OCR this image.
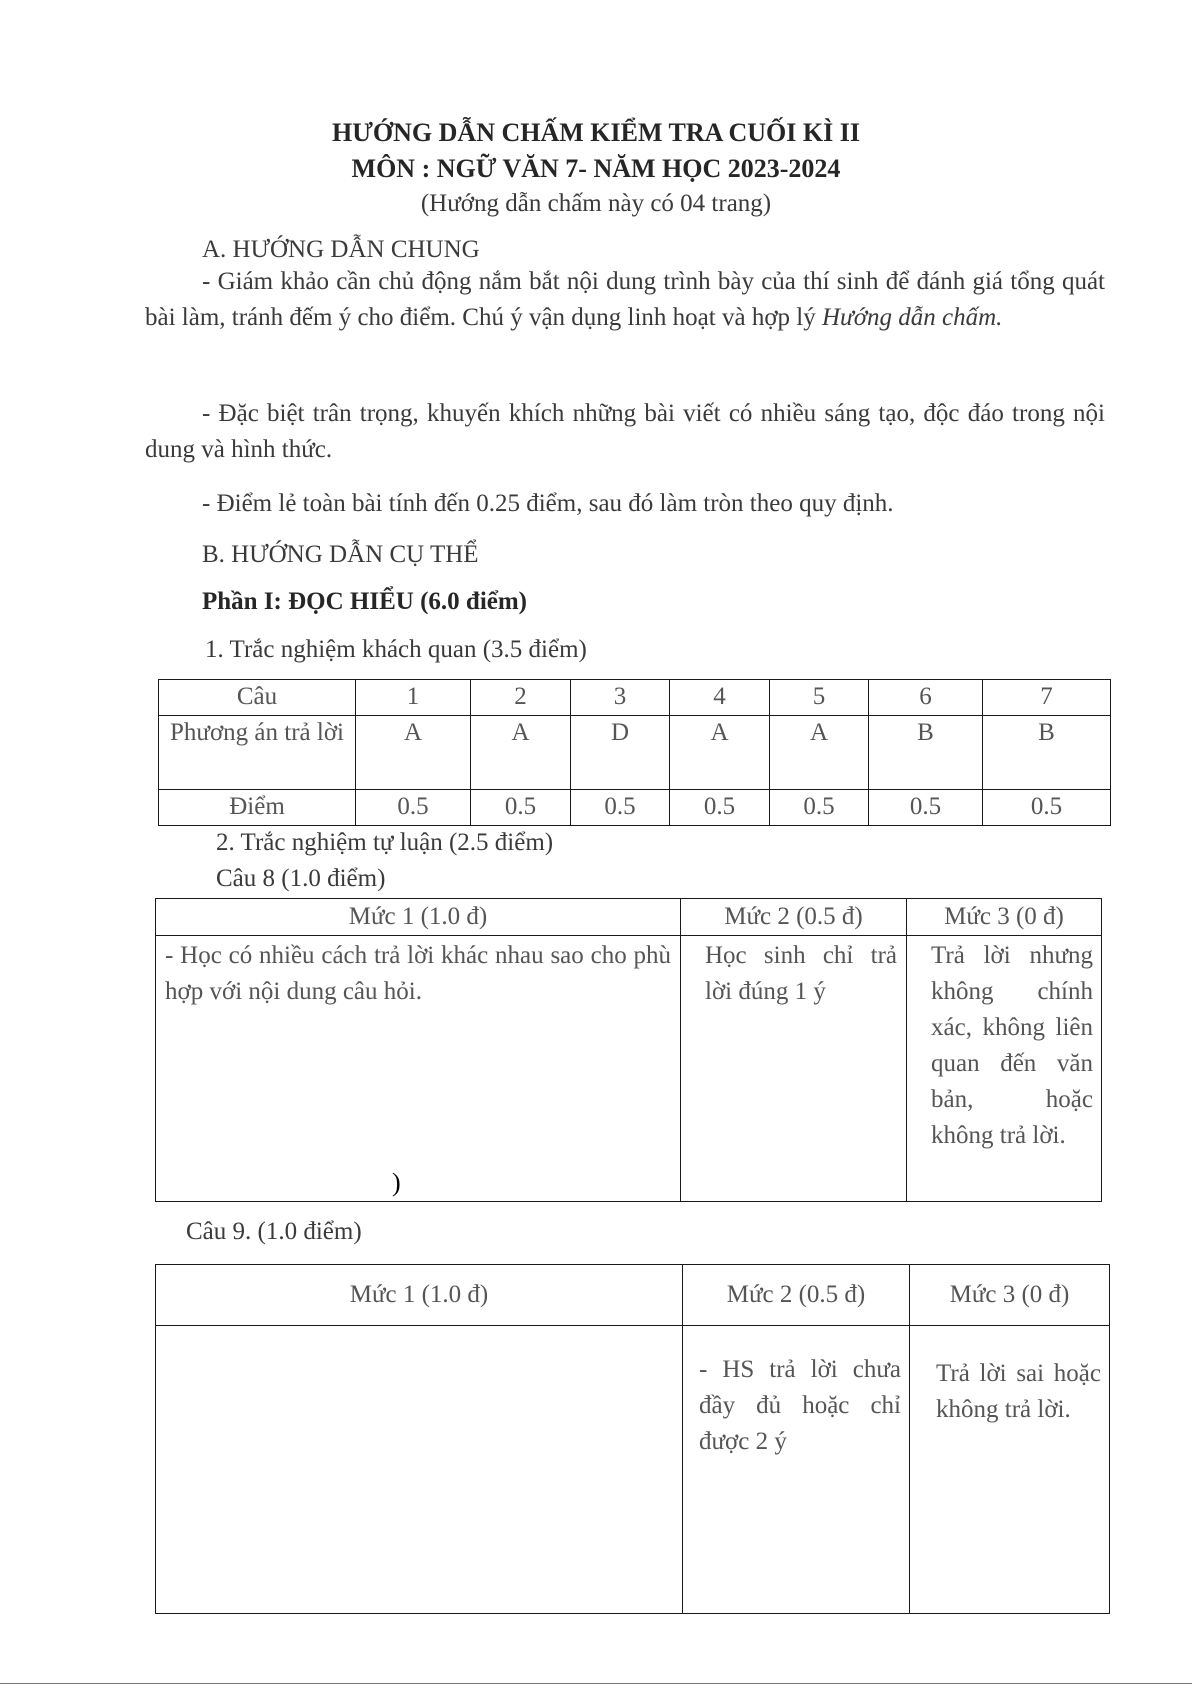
HƯỚNG DẪN CHẤM KIỂM TRA CUỐI KÌ II
MÔN : NGỮ VĂN 7- NĂM HỌC 2023-2024
(Hướng dẫn chấm này có 04 trang)
A. HƯỚNG DẪN CHUNG
- Giám khảo cần chủ động nắm bắt nội dung trình bày của thí sinh để đánh giá tổng quát bài làm, tránh đếm ý cho điểm. Chú ý vận dụng linh hoạt và hợp lý Hướng dẫn chấm.
- Đặc biệt trân trọng, khuyến khích những bài viết có nhiều sáng tạo, độc đáo trong nội dung và hình thức.
- Điểm lẻ toàn bài tính đến 0.25 điểm, sau đó làm tròn theo quy định.
B. HƯỚNG DẪN CỤ THỂ
Phần I: ĐỌC HIỂU (6.0 điểm)
1. Trắc nghiệm khách quan (3.5 điểm)
Câu	1	2	3	4	5	6	7
Phương án trả lời	A	A	D	A	A	B	B
Điểm	0.5	0.5	0.5	0.5	0.5	0.5	0.5
2. Trắc nghiệm tự luận (2.5 điểm)
Câu 8 (1.0 điểm)
Mức 1 (1.0 đ)	Mức 2 (0.5 đ)	Mức 3 (0 đ)

- Học có nhiều cách trả lời khác nhau sao cho phù hợp với nội dung câu hỏi.	Học sinh chỉ trả lời đúng 1 ý	Trả lời nhưng không chính xác, không liên quan đến văn bản, hoặc không trả lời.
)
Câu 9. (1.0 điểm)
Mức 1 (1.0 đ)	Mức 2 (0.5 đ)	Mức 3 (0 đ)

	- HS trả lời chưa đầy đủ hoặc chỉ được 2 ý	Trả lời sai hoặc không trả lời.
